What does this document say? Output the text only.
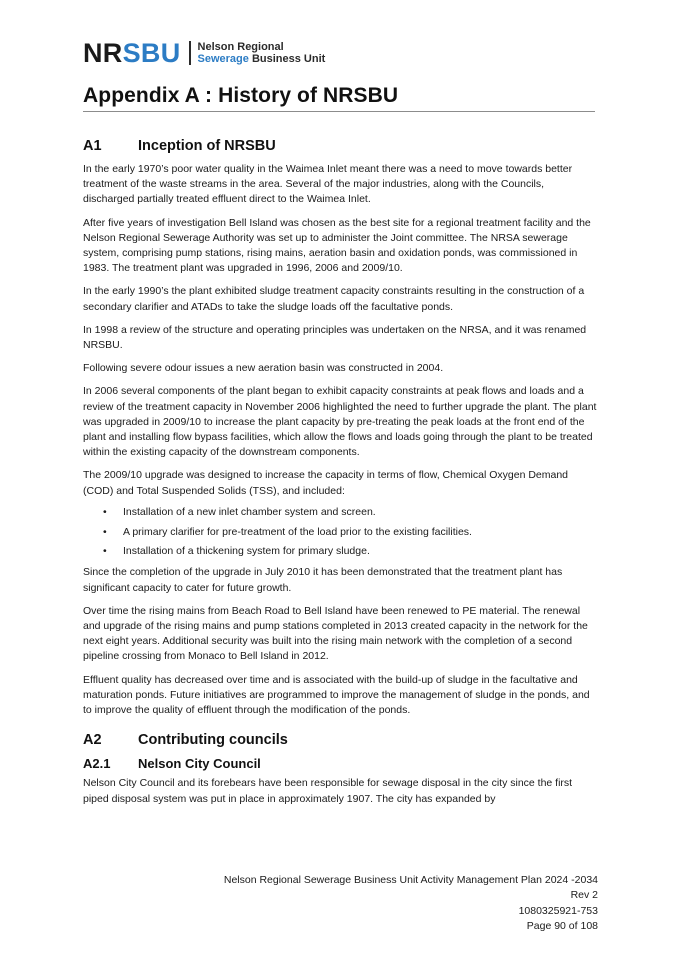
NRSBU Nelson Regional
Sewerage Business Unit
Appendix A : History of NRSBU
A1	Inception of NRSBU

In the early 1970’s poor water quality in the Waimea Inlet meant there was a need to move towards better treatment of the waste streams in the area. Several of the major industries, along with the Councils, discharged partially treated effluent direct to the Waimea Inlet.

After five years of investigation Bell Island was chosen as the best site for a regional treatment facility and the Nelson Regional Sewerage Authority was set up to administer the Joint committee. The NRSA sewerage system, comprising pump stations, rising mains, aeration basin and oxidation ponds, was commissioned in 1983. The treatment plant was upgraded in 1996, 2006 and 2009/10.

In the early 1990’s the plant exhibited sludge treatment capacity constraints resulting in the construction of a secondary clarifier and ATADs to take the sludge loads off the facultative ponds.

In 1998 a review of the structure and operating principles was undertaken on the NRSA, and it was renamed NRSBU.

Following severe odour issues a new aeration basin was constructed in 2004.

In 2006 several components of the plant began to exhibit capacity constraints at peak flows and loads and a review of the treatment capacity in November 2006 highlighted the need to further upgrade the plant. The plant was upgraded in 2009/10 to increase the plant capacity by pre-treating the peak loads at the front end of the plant and installing flow bypass facilities, which allow the flows and loads going through the plant to be treated within the existing capacity of the downstream components.

The 2009/10 upgrade was designed to increase the capacity in terms of flow, Chemical Oxygen Demand (COD) and Total Suspended Solids (TSS), and included:

• Installation of a new inlet chamber system and screen.
• A primary clarifier for pre-treatment of the load prior to the existing facilities.
• Installation of a thickening system for primary sludge.

Since the completion of the upgrade in July 2010 it has been demonstrated that the treatment plant has significant capacity to cater for future growth.

Over time the rising mains from Beach Road to Bell Island have been renewed to PE material. The renewal and upgrade of the rising mains and pump stations completed in 2013 created capacity in the network for the next eight years. Additional security was built into the rising main network with the completion of a second pipeline crossing from Monaco to Bell Island in 2012.

Effluent quality has decreased over time and is associated with the build-up of sludge in the facultative and maturation ponds. Future initiatives are programmed to improve the management of sludge in the ponds, and to improve the quality of effluent through the modification of the ponds.

A2	Contributing councils
A2.1	Nelson City Council

Nelson City Council and its forebears have been responsible for sewage disposal in the city since the first piped disposal system was put in place in approximately 1907. The city has expanded by

Nelson Regional Sewerage Business Unit Activity Management Plan 2024 -2034
Rev 2
1080325921-753
Page 90 of 108
